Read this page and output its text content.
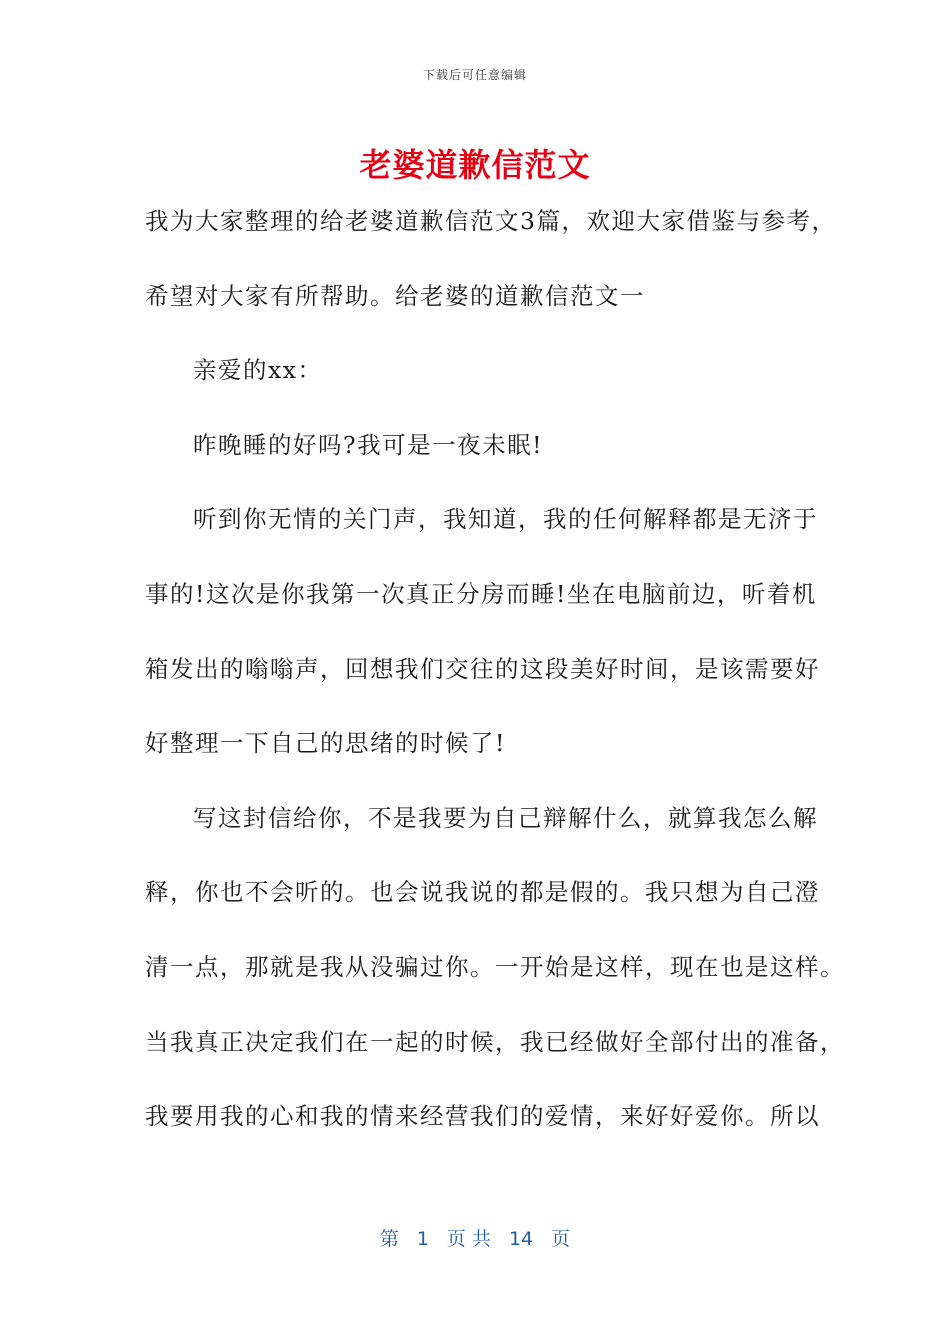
下载后可任意编辑
老婆道歉信范文
我为大家整理的给老婆道歉信范文3篇，欢迎大家借鉴与参考，
希望对大家有所帮助。给老婆的道歉信范文一
亲爱的xx：
昨晚睡的好吗?我可是一夜未眠!
听到你无情的关门声，我知道，我的任何解释都是无济于
事的!这次是你我第一次真正分房而睡!坐在电脑前边，听着机
箱发出的嗡嗡声，回想我们交往的这段美好时间，是该需要好
好整理一下自己的思绪的时候了!
写这封信给你，不是我要为自己辩解什么，就算我怎么解
释，你也不会听的。也会说我说的都是假的。我只想为自己澄
清一点，那就是我从没骗过你。一开始是这样，现在也是这样。
当我真正决定我们在一起的时候，我已经做好全部付出的准备，
我要用我的心和我的情来经营我们的爱情，来好好爱你。所以
第 1 页 共 14 页
